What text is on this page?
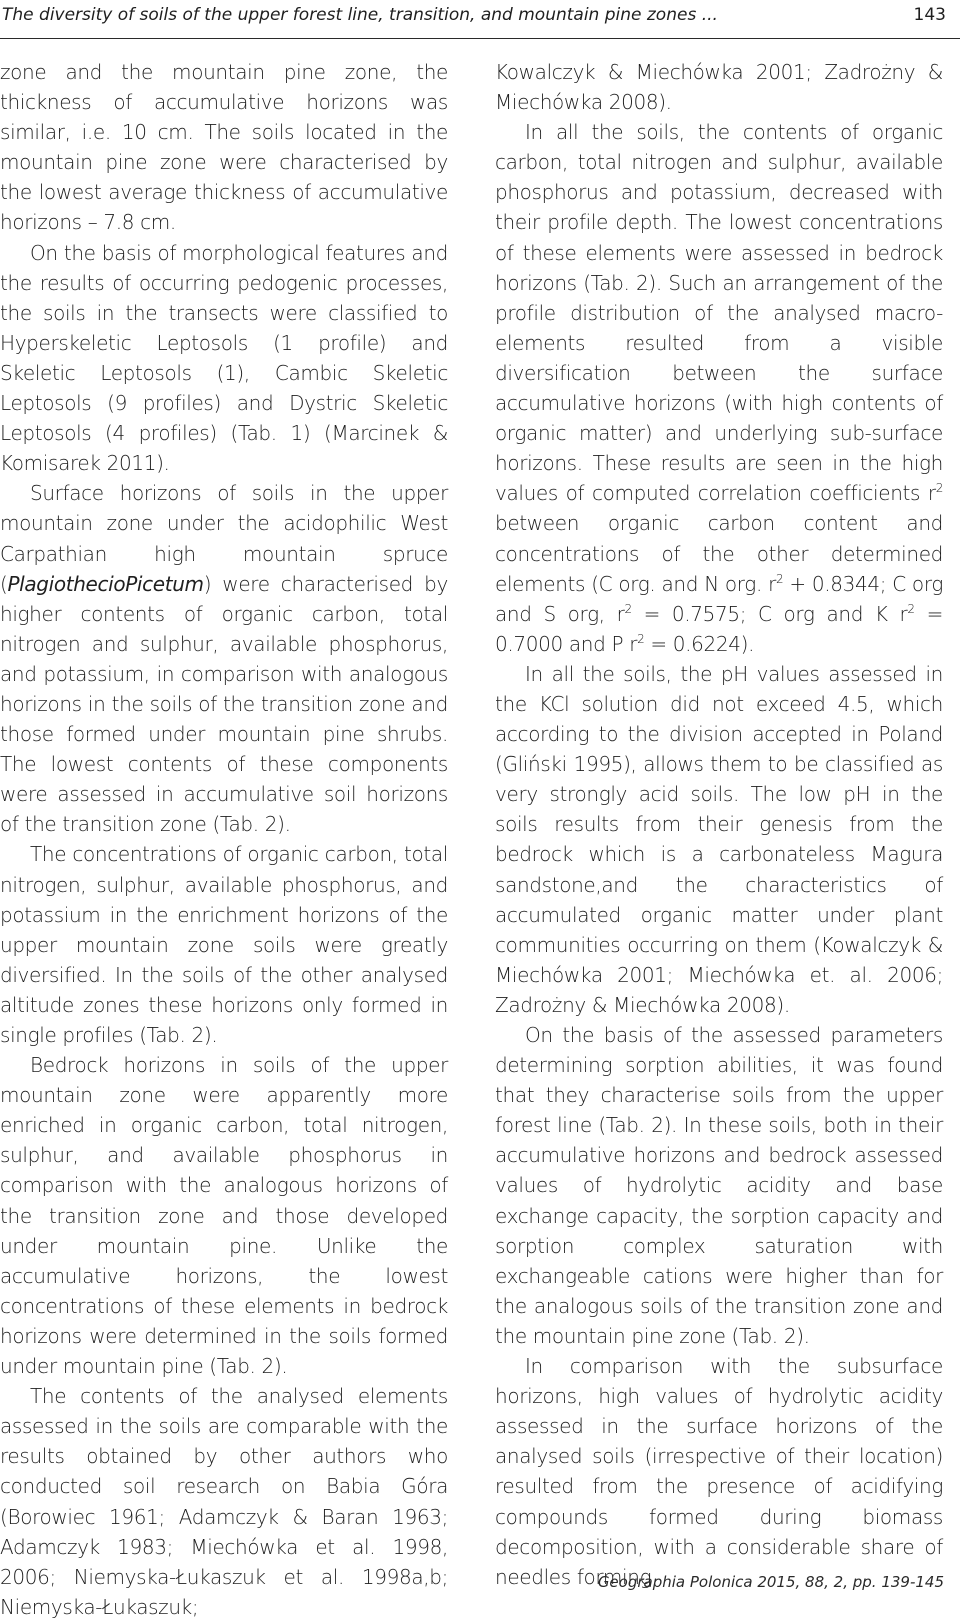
The diversity of soils of the upper forest line, transition, and mountain pine zones ...	143

zone and the mountain pine zone, the thickness of accumulative horizons was similar, i.e. 10 cm. The soils located in the mountain pine zone were characterised by the lowest average thickness of accumulative horizons – 7.8 cm.

On the basis of morphological features and the results of occurring pedogenic processes, the soils in the transects were classified to Hyperskeletic Leptosols (1 profile) and Skeletic Leptosols (1), Cambic Skeletic Leptosols (9 profiles) and Dystric Skeletic Leptosols (4 profiles) (Tab. 1) (Marcinek & Komisarek 2011).

Surface horizons of soils in the upper mountain zone under the acidophilic West Carpathian high mountain spruce (PlagiothecioPicetum) were characterised by higher contents of organic carbon, total nitrogen and sulphur, available phosphorus, and potassium, in comparison with analogous horizons in the soils of the transition zone and those formed under mountain pine shrubs. The lowest contents of these components were assessed in accumulative soil horizons of the transition zone (Tab. 2).

The concentrations of organic carbon, total nitrogen, sulphur, available phosphorus, and potassium in the enrichment horizons of the upper mountain zone soils were greatly diversified. In the soils of the other analysed altitude zones these horizons only formed in single profiles (Tab. 2).

Bedrock horizons in soils of the upper mountain zone were apparently more enriched in organic carbon, total nitrogen, sulphur, and available phosphorus in comparison with the analogous horizons of the transition zone and those developed under mountain pine. Unlike the accumulative horizons, the lowest concentrations of these elements in bedrock horizons were determined in the soils formed under mountain pine (Tab. 2).

The contents of the analysed elements assessed in the soils are comparable with the results obtained by other authors who conducted soil research on Babia Góra (Borowiec 1961; Adamczyk & Baran 1963; Adamczyk 1983; Miechówka et al. 1998, 2006; Niemyska-Łukaszuk et al. 1998a,b; Niemyska-Łukaszuk;

Kowalczyk & Miechówka 2001; Zadrożny & Miechówka 2008).

In all the soils, the contents of organic carbon, total nitrogen and sulphur, available phosphorus and potassium, decreased with their profile depth. The lowest concentrations of these elements were assessed in bedrock horizons (Tab. 2). Such an arrangement of the profile distribution of the analysed macro-elements resulted from a visible diversification between the surface accumulative horizons (with high contents of organic matter) and underlying sub-surface horizons. These results are seen in the high values of computed correlation coefficients $r^2$ between organic carbon content and concentrations of the other determined elements (C org. and N org. $r^2 + 0.8344$; C org and S org, $r^2 = 0.7575$; C org and K $r^2 = 0.7000$ and P $r^2 = 0.6224$).

In all the soils, the pH values assessed in the KCl solution did not exceed 4.5, which according to the division accepted in Poland (Gliński 1995), allows them to be classified as very strongly acid soils. The low pH in the soils results from their genesis from the bedrock which is a carbonateless Magura sandstone,and the characteristics of accumulated organic matter under plant communities occurring on them (Kowalczyk & Miechówka 2001; Miechówka et. al. 2006; Zadrożny & Miechówka 2008).

On the basis of the assessed parameters determining sorption abilities, it was found that they characterise soils from the upper forest line (Tab. 2). In these soils, both in their accumulative horizons and bedrock assessed values of hydrolytic acidity and base exchange capacity, the sorption capacity and sorption complex saturation with exchangeable cations were higher than for the analogous soils of the transition zone and the mountain pine zone (Tab. 2).

In comparison with the subsurface horizons, high values of hydrolytic acidity assessed in the surface horizons of the analysed soils (irrespective of their location) resulted from the presence of acidifying compounds formed during biomass decomposition, with a considerable share of needles forming

Geographia Polonica 2015, 88, 2, pp. 139-145
